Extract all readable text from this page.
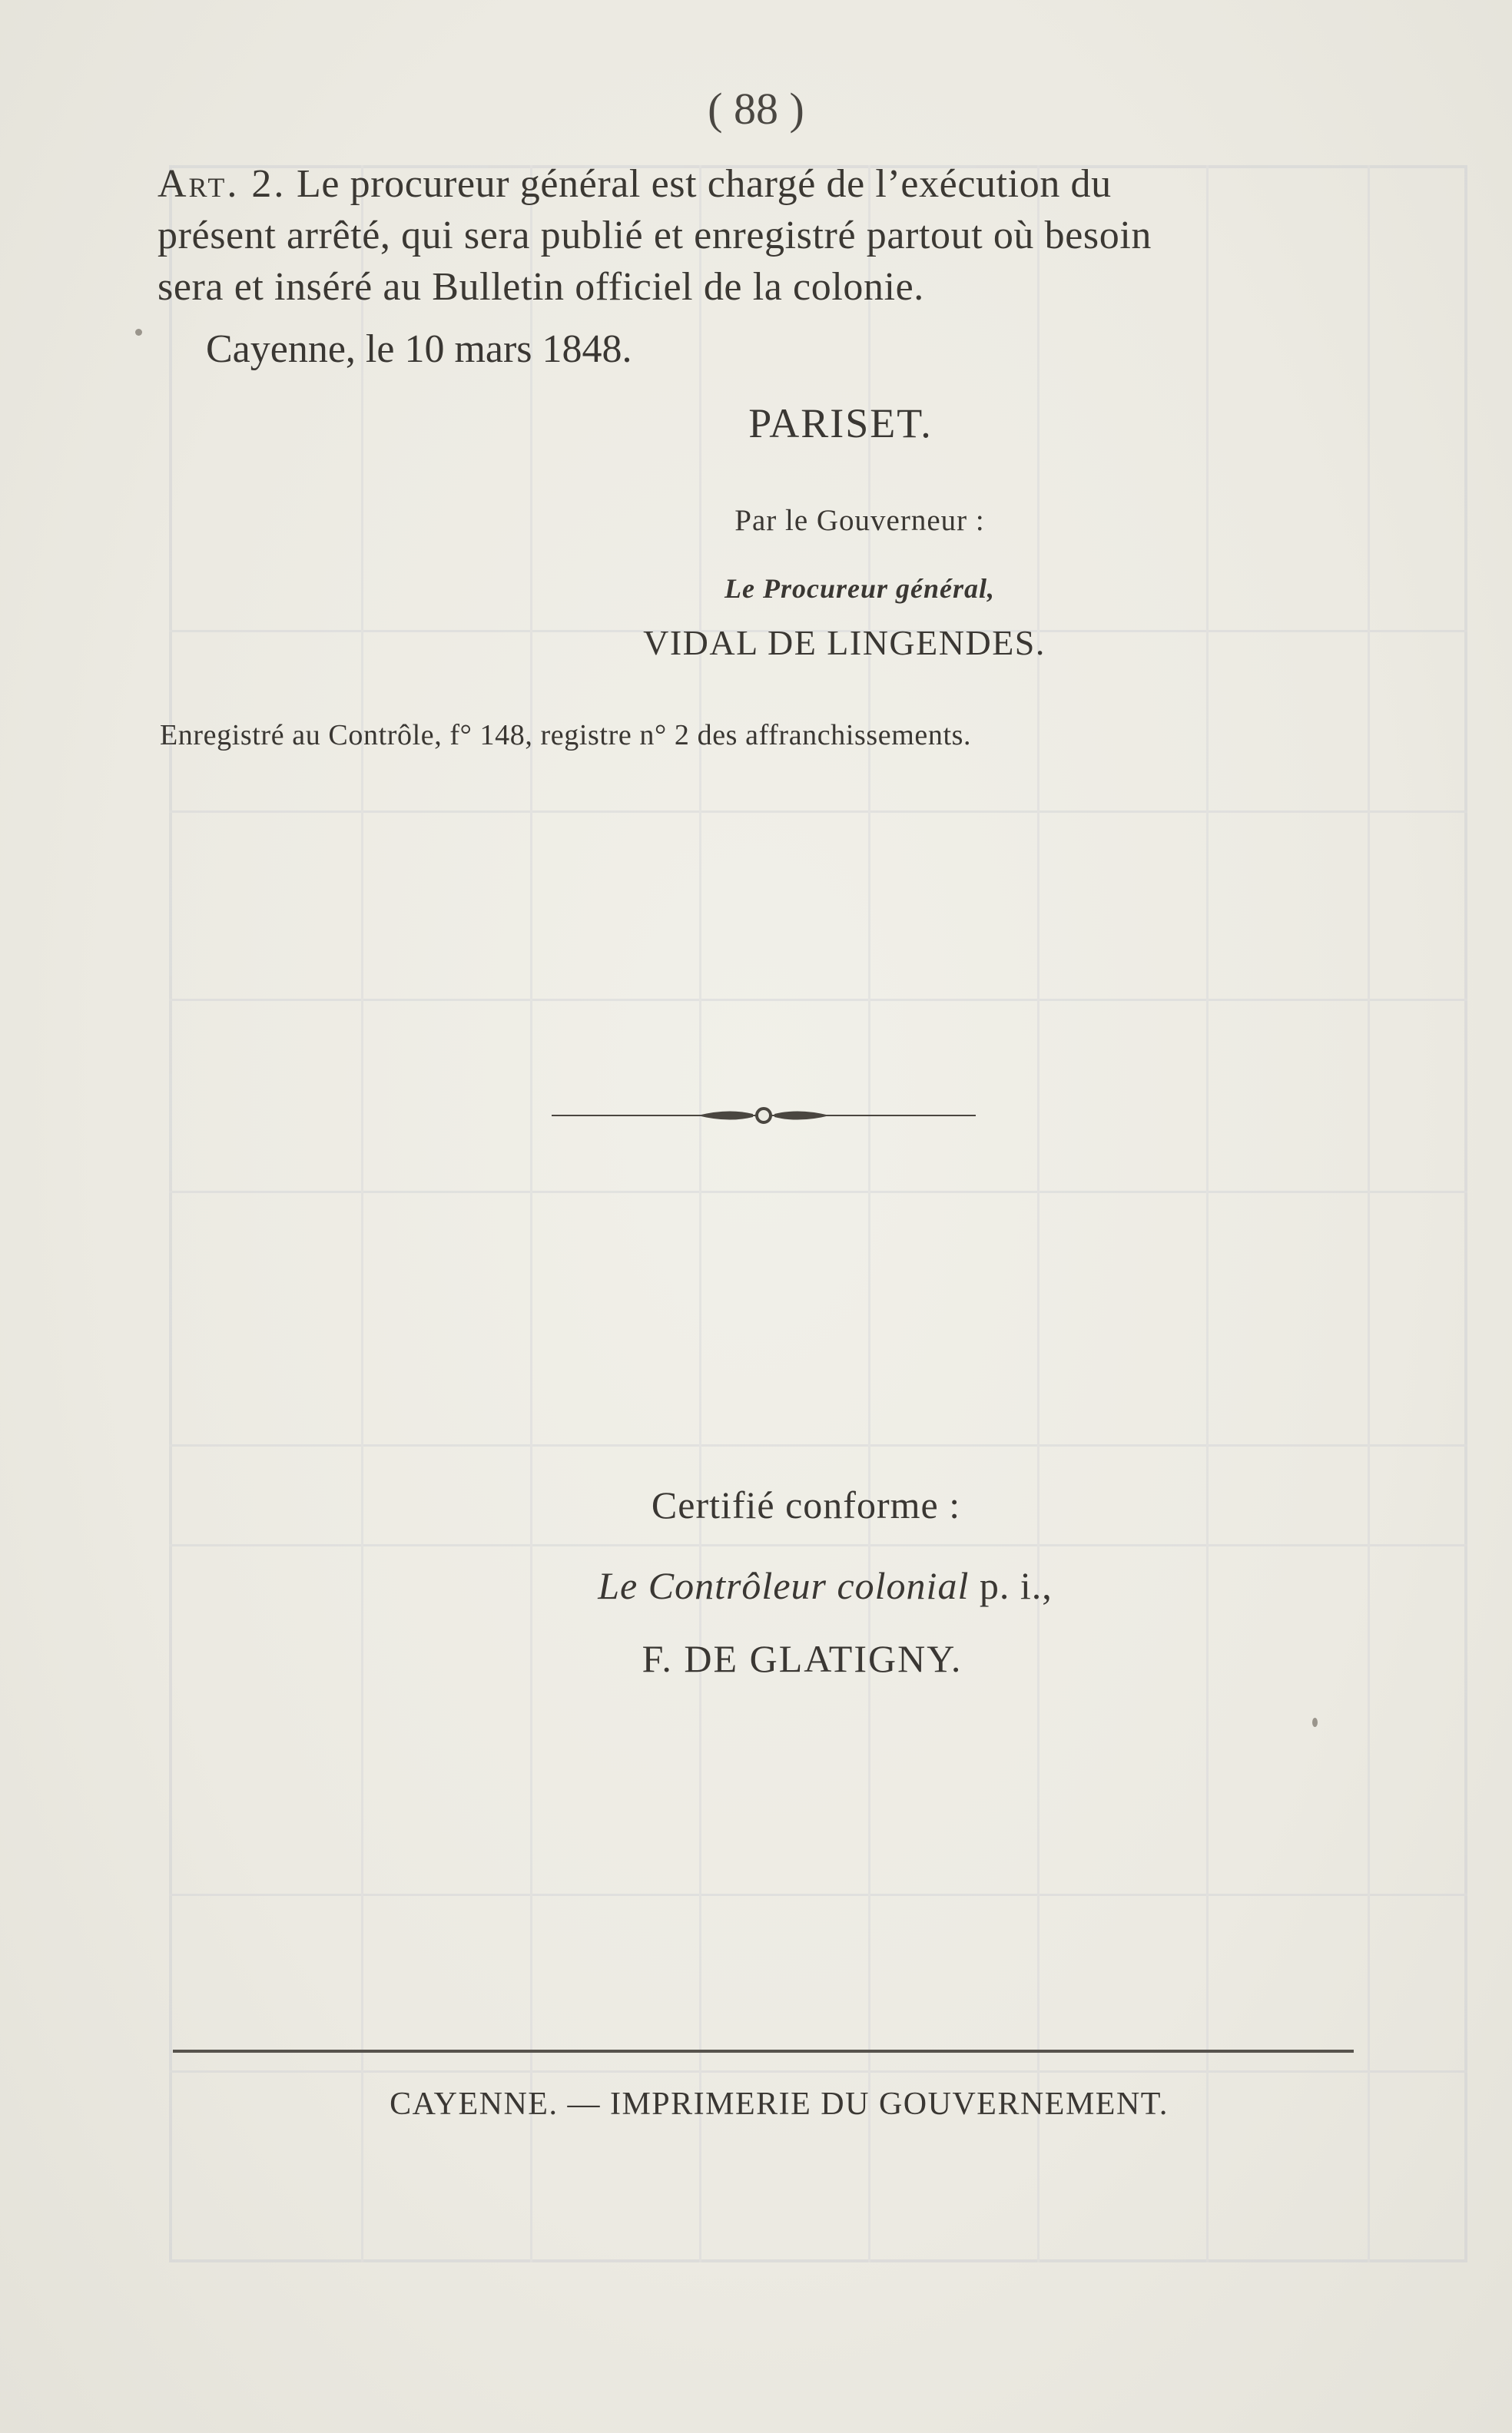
( 88 )
Art. 2. Le procureur général est chargé de l’exécution du
présent arrêté, qui sera publié et enregistré partout où besoin
sera et inséré au Bulletin officiel de la colonie.
Cayenne, le 10 mars 1848.
PARISET.
Par le Gouverneur :
Le Procureur général,
VIDAL DE LINGENDES.
Enregistré au Contrôle, f° 148, registre n° 2 des affranchissements.
Certifié conforme :
Le Contrôleur colonial p. i.,
F. DE GLATIGNY.
CAYENNE. — IMPRIMERIE DU GOUVERNEMENT.
